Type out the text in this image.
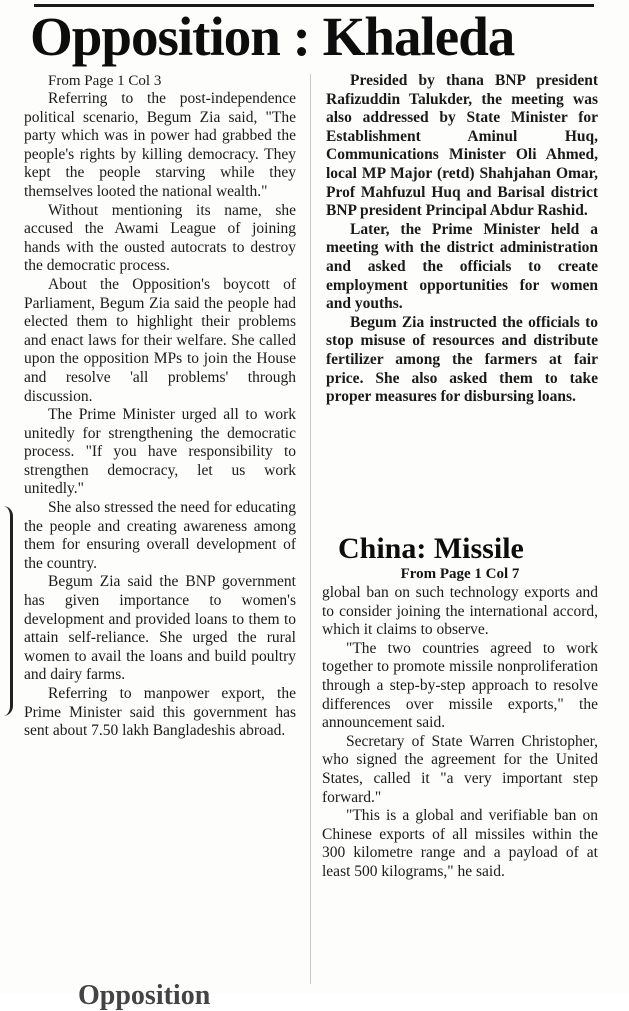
Opposition : Khaleda

From Page 1 Col 3

Referring to the post-independence political scenario, Begum Zia said, "The party which was in power had grabbed the people's rights by killing democracy. They kept the people starving while they themselves looted the national wealth."

Without mentioning its name, she accused the Awami League of joining hands with the ousted autocrats to destroy the democratic process.

About the Opposition's boycott of Parliament, Begum Zia said the people had elected them to highlight their problems and enact laws for their welfare. She called upon the opposition MPs to join the House and resolve 'all problems' through discussion.

The Prime Minister urged all to work unitedly for strengthening the democratic process. "If you have responsibility to strengthen democracy, let us work unitedly."

She also stressed the need for educating the people and creating awareness among them for ensuring overall development of the country.

Begum Zia said the BNP government has given importance to women's development and provided loans to them to attain self-reliance. She urged the rural women to avail the loans and build poultry and dairy farms.

Referring to manpower export, the Prime Minister said this government has sent about 7.50 lakh Bangladeshis abroad.

Presided by thana BNP president Rafizuddin Talukder, the meeting was also addressed by State Minister for Establishment Aminul Huq, Communications Minister Oli Ahmed, local MP Major (retd) Shahjahan Omar, Prof Mahfuzul Huq and Barisal district BNP president Principal Abdur Rashid.

Later, the Prime Minister held a meeting with the district administration and asked the officials to create employment opportunities for women and youths.

Begum Zia instructed the officials to stop misuse of resources and distribute fertilizer among the farmers at fair price. She also asked them to take proper measures for disbursing loans.

China: Missile
From Page 1 Col 7

global ban on such technology exports and to consider joining the international accord, which it claims to observe.

"The two countries agreed to work together to promote missile nonproliferation through a step-by-step approach to resolve differences over missile exports," the announcement said.

Secretary of State Warren Christopher, who signed the agreement for the United States, called it "a very important step forward."

"This is a global and verifiable ban on Chinese exports of all missiles within the 300 kilometre range and a payload of at least 500 kilograms," he said.

Opposition
